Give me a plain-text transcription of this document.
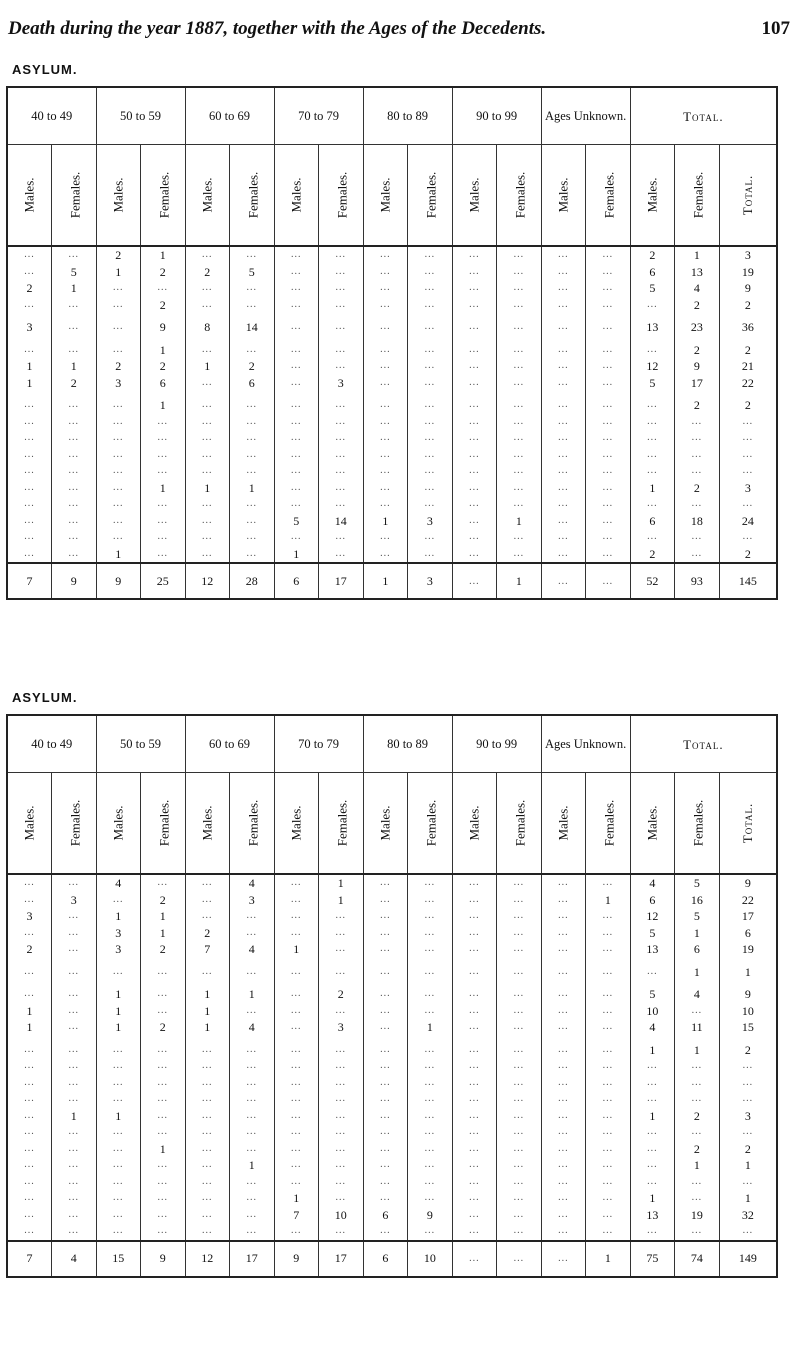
Death during the year 1887, together with the Ages of the Decedents.	107
ASYLUM.
40 to 49		50 to 59		60 to 69		70 to 79		80 to 89		90 to 99		Ages Unknown.		Total.		
Males.	Females.	Males.	Females.	Males.	Females.	Males.	Females.	Males.	Females.	Males.	Females.	Males.	Females.	Males.	Females.	Total.
...	...	2	1	...	...	...	...	...	...	...	...	...	...	2	1	3
...	5	1	2	2	5	...	...	...	...	...	...	...	...	6	13	19
2	1	...	...	...	...	...	...	...	...	...	...	...	...	5	4	9
...	...	...	2	...	...	...	...	...	...	...	...	...	...	...	2	2

3	...	...	9	8	14	...	...	...	...	...	...	...	...	13	23	36

...	...	...	1	...	...	...	...	...	...	...	...	...	...	...	2	2
1	1	2	2	1	2	...	...	...	...	...	...	...	...	12	9	21
1	2	3	6	...	6	...	3	...	...	...	...	...	...	5	17	22

...	...	...	1	...	...	...	...	...	...	...	...	...	...	...	2	2
...	...	...	...	...	...	...	...	...	...	...	...	...	...	...	...	...
...	...	...	...	...	...	...	...	...	...	...	...	...	...	...	...	...
...	...	...	...	...	...	...	...	...	...	...	...	...	...	...	...	...
...	...	...	...	...	...	...	...	...	...	...	...	...	...	...	...	...
...	...	...	1	1	1	...	...	...	...	...	...	...	...	1	2	3
...	...	...	...	...	...	...	...	...	...	...	...	...	...	...	...	...
...	...	...	...	...	...	5	14	1	3	...	1	...	...	6	18	24
...	...	...	...	...	...	...	...	...	...	...	...	...	...	...	...	...
...	...	1	...	...	...	1	...	...	...	...	...	...	...	2	...	2
7	9	9	25	12	28	6	17	1	3	...	1	...	...	52	93	145
ASYLUM.
40 to 49		50 to 59		60 to 69		70 to 79		80 to 89		90 to 99		Ages Unknown.		Total.		
Males.	Females.	Males.	Females.	Males.	Females.	Males.	Females.	Males.	Females.	Males.	Females.	Males.	Females.	Males.	Females.	Total.
...	...	4	...	...	4	...	1	...	...	...	...	...	...	4	5	9
...	3	...	2	...	3	...	1	...	...	...	...	...	1	6	16	22
3	...	1	1	...	...	...	...	...	...	...	...	...	...	12	5	17
...	...	3	1	2	...	...	...	...	...	...	...	...	...	5	1	6
2	...	3	2	7	4	1	...	...	...	...	...	...	...	13	6	19

...	...	...	...	...	...	...	...	...	...	...	...	...	...	...	1	1

...	...	1	...	1	1	...	2	...	...	...	...	...	...	5	4	9
1	...	1	...	1	...	...	...	...	...	...	...	...	...	10	...	10
1	...	1	2	1	4	...	3	...	1	...	...	...	...	4	11	15

...	...	...	...	...	...	...	...	...	...	...	...	...	...	1	1	2
...	...	...	...	...	...	...	...	...	...	...	...	...	...	...	...	...
...	...	...	...	...	...	...	...	...	...	...	...	...	...	...	...	...
...	...	...	...	...	...	...	...	...	...	...	...	...	...	...	...	...
...	1	1	...	...	...	...	...	...	...	...	...	...	...	1	2	3
...	...	...	...	...	...	...	...	...	...	...	...	...	...	...	...	...
...	...	...	1	...	...	...	...	...	...	...	...	...	...	...	2	2
...	...	...	...	...	1	...	...	...	...	...	...	...	...	...	1	1
...	...	...	...	...	...	...	...	...	...	...	...	...	...	...	...	...
...	...	...	...	...	...	1	...	...	...	...	...	...	...	1	...	1
...	...	...	...	...	...	7	10	6	9	...	...	...	...	13	19	32
...	...	...	...	...	...	...	...	...	...	...	...	...	...	...	...	...
7	4	15	9	12	17	9	17	6	10	...	...	...	1	75	74	149
